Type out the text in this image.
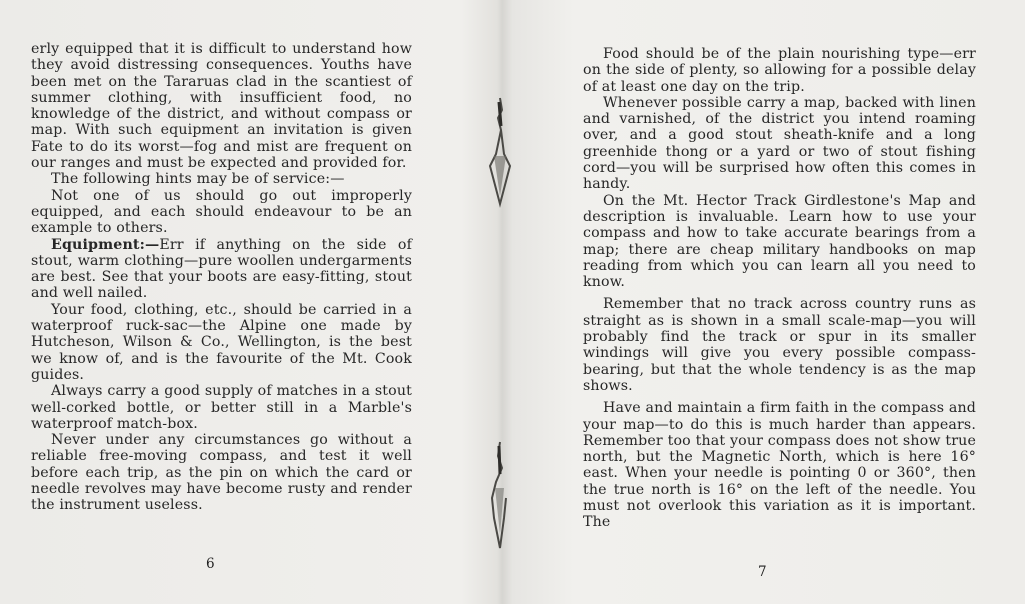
erly equipped that it is difficult to understand how they avoid distressing consequences. Youths have been met on the Tararuas clad in the scantiest of summer clothing, with insufficient food, no knowledge of the district, and without compass or map. With such equipment an invitation is given Fate to do its worst—fog and mist are frequent on our ranges and must be expected and provided for.

The following hints may be of service:—

Not one of us should go out improperly equipped, and each should endeavour to be an example to others.

Equipment:—Err if anything on the side of stout, warm clothing—pure woollen undergarments are best. See that your boots are easy-fitting, stout and well nailed.

Your food, clothing, etc., should be carried in a waterproof ruck-sac—the Alpine one made by Hutcheson, Wilson & Co., Wellington, is the best we know of, and is the favourite of the Mt. Cook guides.

Always carry a good supply of matches in a stout well-corked bottle, or better still in a Marble's waterproof match-box.

Never under any circumstances go without a reliable free-moving compass, and test it well before each trip, as the pin on which the card or needle revolves may have become rusty and render the instrument useless.

6

Food should be of the plain nourishing type—err on the side of plenty, so allowing for a possible delay of at least one day on the trip.

Whenever possible carry a map, backed with linen and varnished, of the district you intend roaming over, and a good stout sheath-knife and a long greenhide thong or a yard or two of stout fishing cord—you will be surprised how often this comes in handy.

On the Mt. Hector Track Girdlestone's Map and description is invaluable. Learn how to use your compass and how to take accurate bearings from a map; there are cheap military handbooks on map reading from which you can learn all you need to know.

Remember that no track across country runs as straight as is shown in a small scale-map—you will probably find the track or spur in its smaller windings will give you every possible compass-bearing, but that the whole tendency is as the map shows.

Have and maintain a firm faith in the compass and your map—to do this is much harder than appears. Remember too that your compass does not show true north, but the Magnetic North, which is here 16° east. When your needle is pointing 0 or 360°, then the true north is 16° on the left of the needle. You must not overlook this variation as it is important. The

7
